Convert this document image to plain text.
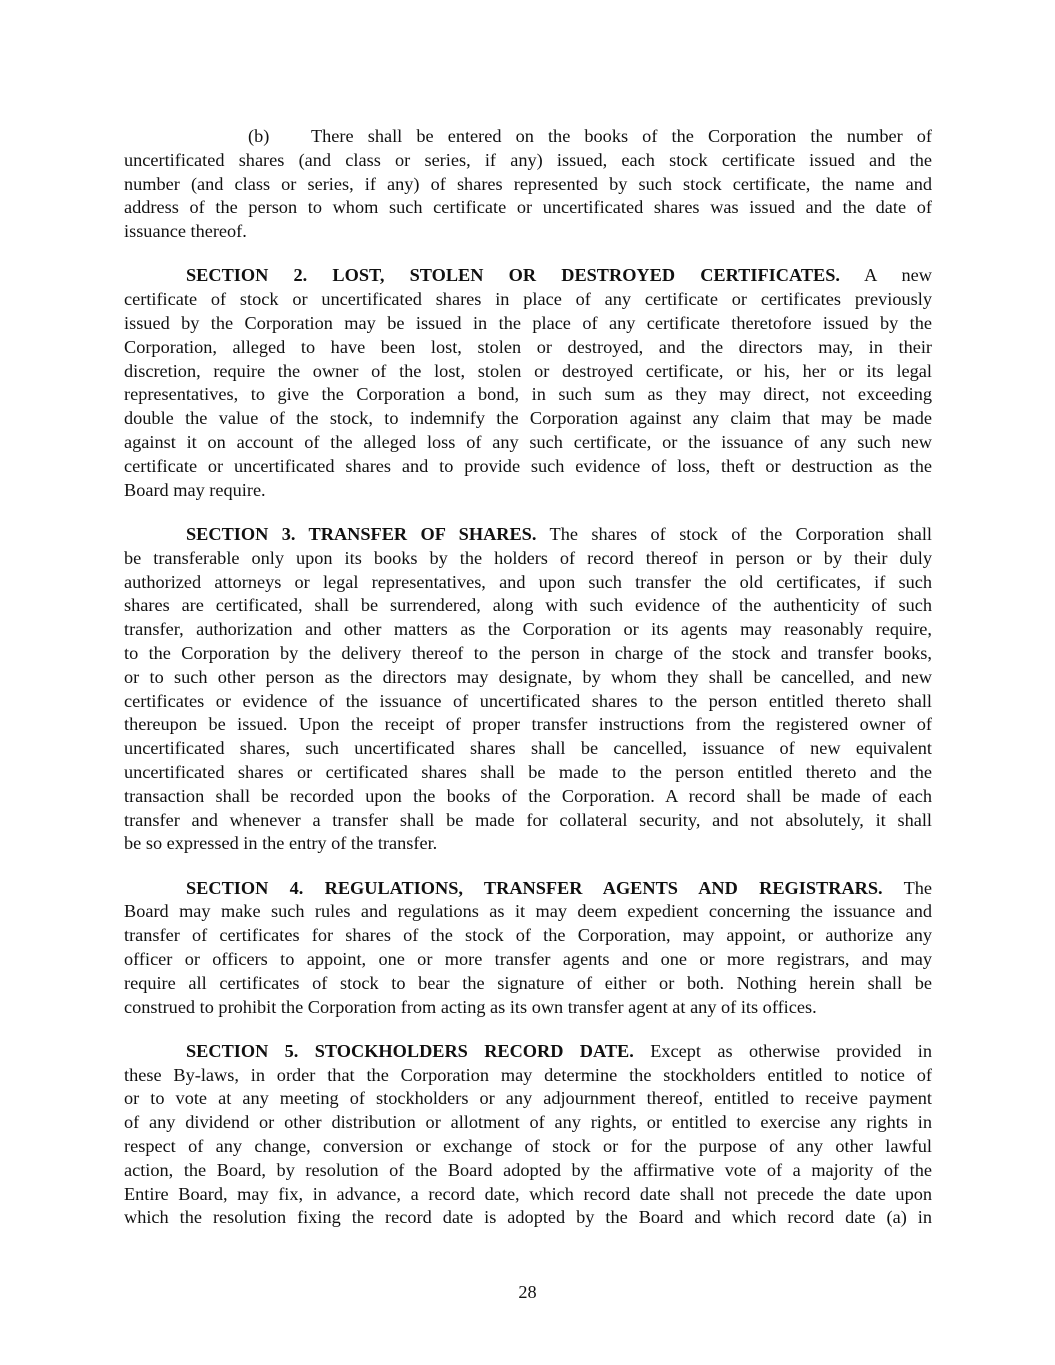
(b) There shall be entered on the books of the Corporation the number of
uncertificated shares (and class or series, if any) issued, each stock certificate issued and the
number (and class or series, if any) of shares represented by such stock certificate, the name and
address of the person to whom such certificate or uncertificated shares was issued and the date of
issuance thereof.
SECTION 2. LOST, STOLEN OR DESTROYED CERTIFICATES. A new
certificate of stock or uncertificated shares in place of any certificate or certificates previously
issued by the Corporation may be issued in the place of any certificate theretofore issued by the
Corporation, alleged to have been lost, stolen or destroyed, and the directors may, in their
discretion, require the owner of the lost, stolen or destroyed certificate, or his, her or its legal
representatives, to give the Corporation a bond, in such sum as they may direct, not exceeding
double the value of the stock, to indemnify the Corporation against any claim that may be made
against it on account of the alleged loss of any such certificate, or the issuance of any such new
certificate or uncertificated shares and to provide such evidence of loss, theft or destruction as the
Board may require.
SECTION 3. TRANSFER OF SHARES. The shares of stock of the Corporation shall
be transferable only upon its books by the holders of record thereof in person or by their duly
authorized attorneys or legal representatives, and upon such transfer the old certificates, if such
shares are certificated, shall be surrendered, along with such evidence of the authenticity of such
transfer, authorization and other matters as the Corporation or its agents may reasonably require,
to the Corporation by the delivery thereof to the person in charge of the stock and transfer books,
or to such other person as the directors may designate, by whom they shall be cancelled, and new
certificates or evidence of the issuance of uncertificated shares to the person entitled thereto shall
thereupon be issued. Upon the receipt of proper transfer instructions from the registered owner of
uncertificated shares, such uncertificated shares shall be cancelled, issuance of new equivalent
uncertificated shares or certificated shares shall be made to the person entitled thereto and the
transaction shall be recorded upon the books of the Corporation. A record shall be made of each
transfer and whenever a transfer shall be made for collateral security, and not absolutely, it shall
be so expressed in the entry of the transfer.
SECTION 4. REGULATIONS, TRANSFER AGENTS AND REGISTRARS. The
Board may make such rules and regulations as it may deem expedient concerning the issuance and
transfer of certificates for shares of the stock of the Corporation, may appoint, or authorize any
officer or officers to appoint, one or more transfer agents and one or more registrars, and may
require all certificates of stock to bear the signature of either or both. Nothing herein shall be
construed to prohibit the Corporation from acting as its own transfer agent at any of its offices.
SECTION 5. STOCKHOLDERS RECORD DATE. Except as otherwise provided in
these By-laws, in order that the Corporation may determine the stockholders entitled to notice of
or to vote at any meeting of stockholders or any adjournment thereof, entitled to receive payment
of any dividend or other distribution or allotment of any rights, or entitled to exercise any rights in
respect of any change, conversion or exchange of stock or for the purpose of any other lawful
action, the Board, by resolution of the Board adopted by the affirmative vote of a majority of the
Entire Board, may fix, in advance, a record date, which record date shall not precede the date upon
which the resolution fixing the record date is adopted by the Board and which record date (a) in
28
